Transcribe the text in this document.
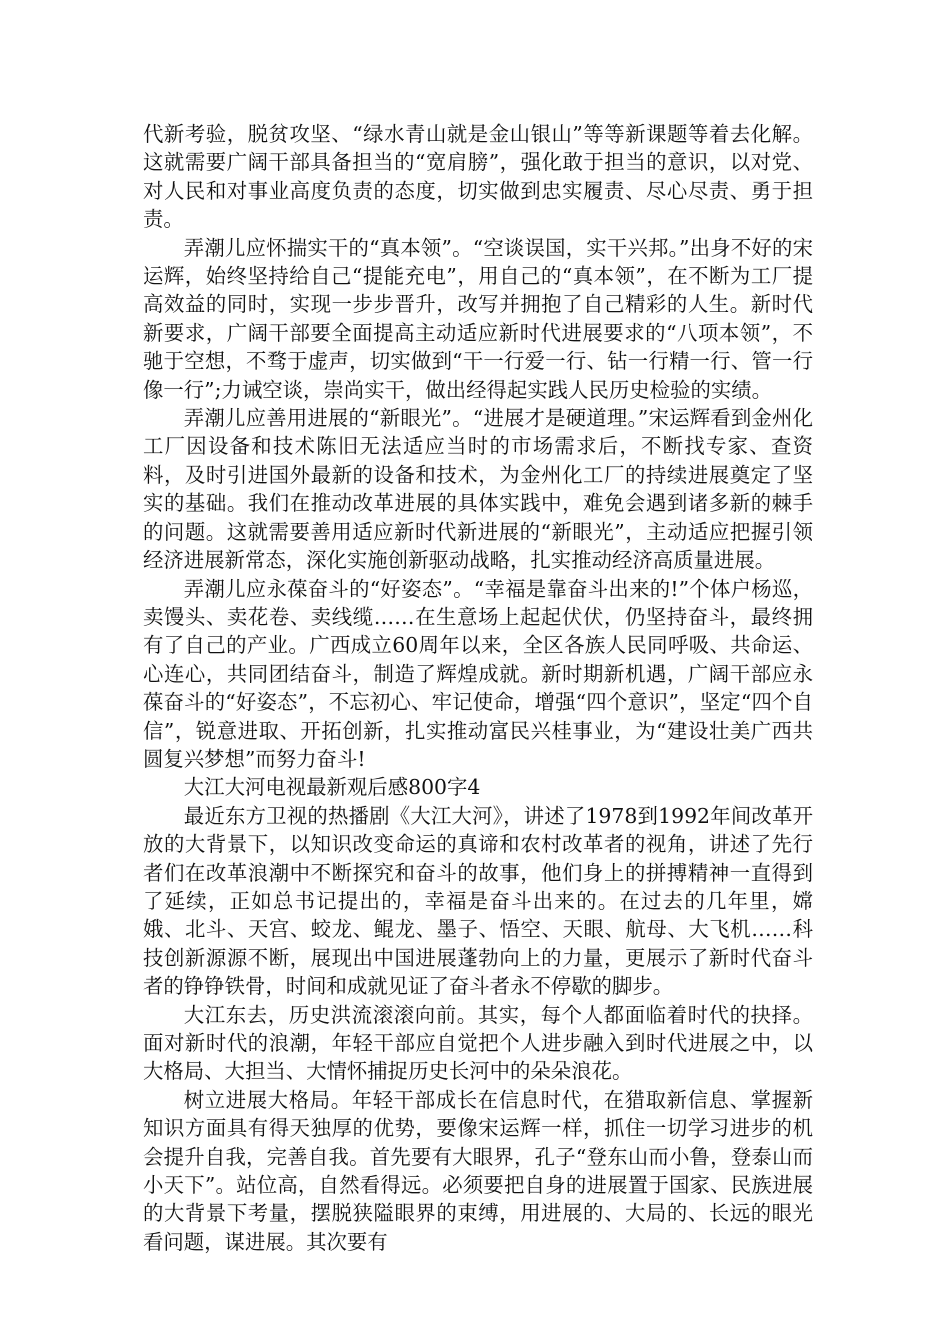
代新考验，脱贫攻坚、“绿水青山就是金山银山”等等新课题等着去化解。这就需要广阔干部具备担当的“宽肩膀”，强化敢于担当的意识，以对党、对人民和对事业高度负责的态度，切实做到忠实履责、尽心尽责、勇于担责。

弄潮儿应怀揣实干的“真本领”。“空谈误国，实干兴邦。”出身不好的宋运辉，始终坚持给自己“提能充电”，用自己的“真本领”，在不断为工厂提高效益的同时，实现一步步晋升，改写并拥抱了自己精彩的人生。新时代新要求，广阔干部要全面提高主动适应新时代进展要求的“八项本领”，不驰于空想，不骛于虚声，切实做到“干一行爱一行、钻一行精一行、管一行像一行”;力诫空谈，崇尚实干，做出经得起实践人民历史检验的实绩。

弄潮儿应善用进展的“新眼光”。“进展才是硬道理。”宋运辉看到金州化工厂因设备和技术陈旧无法适应当时的市场需求后，不断找专家、查资料，及时引进国外最新的设备和技术，为金州化工厂的持续进展奠定了坚实的基础。我们在推动改革进展的具体实践中，难免会遇到诸多新的棘手的问题。这就需要善用适应新时代新进展的“新眼光”，主动适应把握引领经济进展新常态，深化实施创新驱动战略，扎实推动经济高质量进展。

弄潮儿应永葆奋斗的“好姿态”。“幸福是靠奋斗出来的!”个体户杨巡，卖馒头、卖花卷、卖线缆……在生意场上起起伏伏，仍坚持奋斗，最终拥有了自己的产业。广西成立60周年以来，全区各族人民同呼吸、共命运、心连心，共同团结奋斗，制造了辉煌成就。新时期新机遇，广阔干部应永葆奋斗的“好姿态”，不忘初心、牢记使命，增强“四个意识”，坚定“四个自信”，锐意进取、开拓创新，扎实推动富民兴桂事业，为“建设壮美广西共圆复兴梦想”而努力奋斗!

大江大河电视最新观后感800字4

最近东方卫视的热播剧《大江大河》，讲述了1978到1992年间改革开放的大背景下，以知识改变命运的真谛和农村改革者的视角，讲述了先行者们在改革浪潮中不断探究和奋斗的故事，他们身上的拼搏精神一直得到了延续，正如总书记提出的，幸福是奋斗出来的。在过去的几年里，嫦娥、北斗、天宫、蛟龙、鲲龙、墨子、悟空、天眼、航母、大飞机……科技创新源源不断，展现出中国进展蓬勃向上的力量，更展示了新时代奋斗者的铮铮铁骨，时间和成就见证了奋斗者永不停歇的脚步。

大江东去，历史洪流滚滚向前。其实，每个人都面临着时代的抉择。面对新时代的浪潮，年轻干部应自觉把个人进步融入到时代进展之中，以大格局、大担当、大情怀捕捉历史长河中的朵朵浪花。

树立进展大格局。年轻干部成长在信息时代，在猎取新信息、掌握新知识方面具有得天独厚的优势，要像宋运辉一样，抓住一切学习进步的机会提升自我，完善自我。首先要有大眼界，孔子“登东山而小鲁，登泰山而小天下”。站位高，自然看得远。必须要把自身的进展置于国家、民族进展的大背景下考量，摆脱狭隘眼界的束缚，用进展的、大局的、长远的眼光看问题，谋进展。其次要有
